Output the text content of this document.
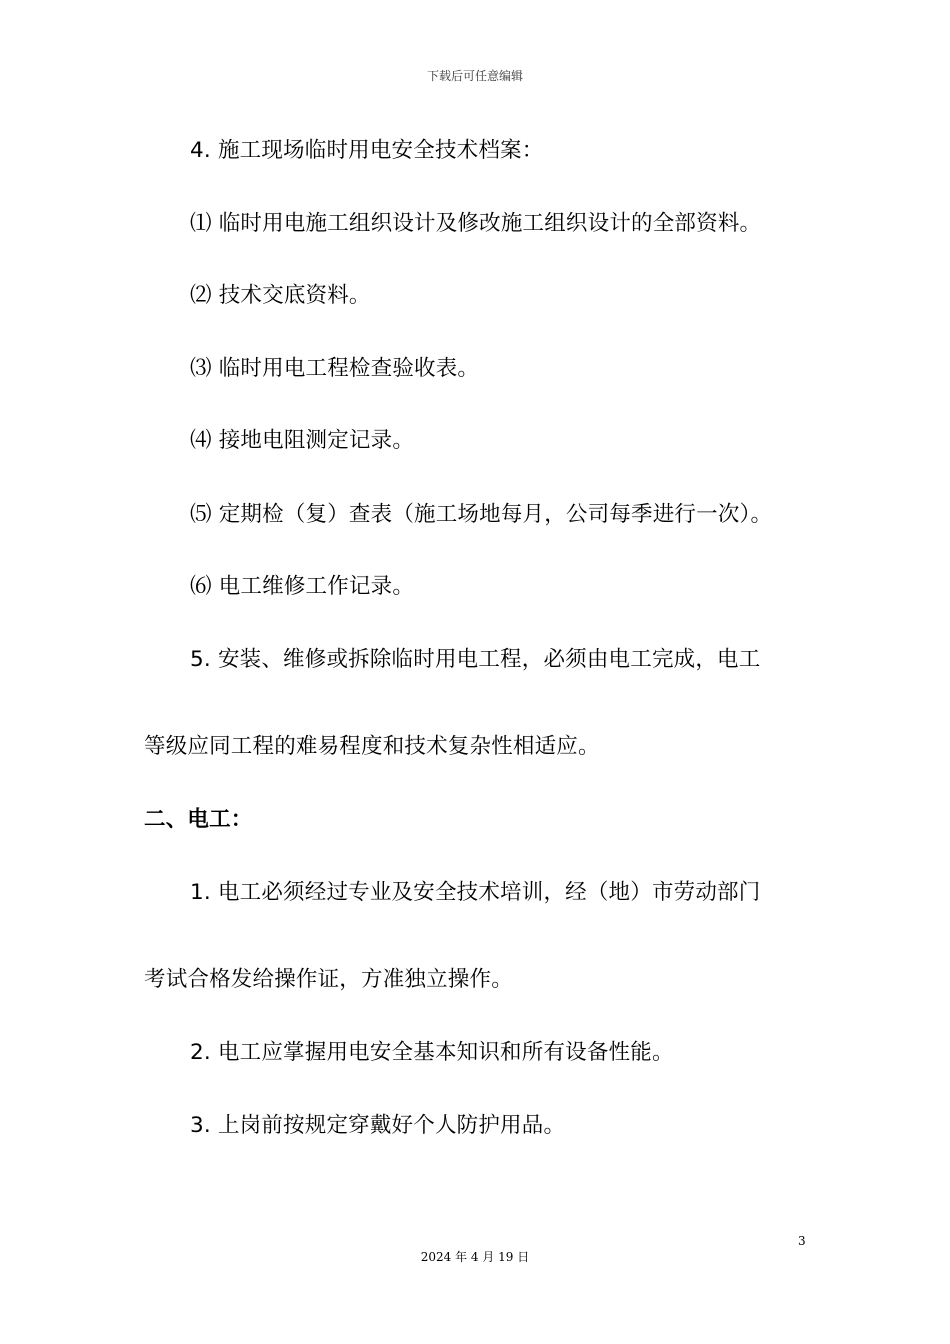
下载后可任意编辑
4. 施工现场临时用电安全技术档案：
⑴ 临时用电施工组织设计及修改施工组织设计的全部资料。
⑵ 技术交底资料。
⑶ 临时用电工程检查验收表。
⑷ 接地电阻测定记录。
⑸ 定期检（复）查表（施工场地每月，公司每季进行一次）。
⑹ 电工维修工作记录。
5. 安装、维修或拆除临时用电工程，必须由电工完成，电工
等级应同工程的难易程度和技术复杂性相适应。
二、电工：
1. 电工必须经过专业及安全技术培训，经（地）市劳动部门
考试合格发给操作证，方准独立操作。
2. 电工应掌握用电安全基本知识和所有设备性能。
3. 上岗前按规定穿戴好个人防护用品。
3
2024 年 4 月 19 日
